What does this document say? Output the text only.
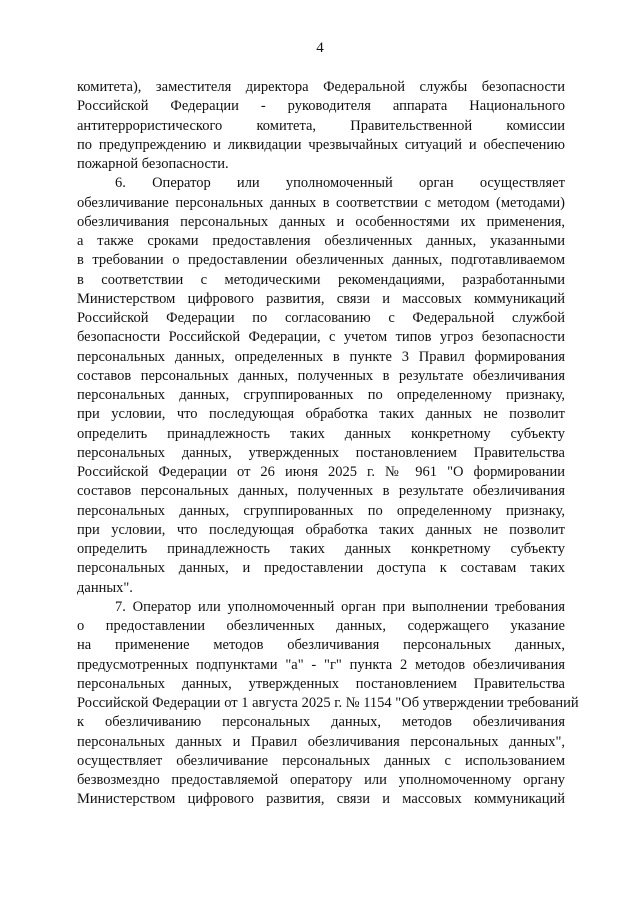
4
комитета), заместителя директора Федеральной службы безопасности
Российской Федерации - руководителя аппарата Национального
антитеррористического комитета, Правительственной комиссии
по предупреждению и ликвидации чрезвычайных ситуаций и обеспечению
пожарной безопасности.
6. Оператор или уполномоченный орган осуществляет
обезличивание персональных данных в соответствии с методом (методами)
обезличивания персональных данных и особенностями их применения,
а также сроками предоставления обезличенных данных, указанными
в требовании о предоставлении обезличенных данных, подготавливаемом
в соответствии с методическими рекомендациями, разработанными
Министерством цифрового развития, связи и массовых коммуникаций
Российской Федерации по согласованию с Федеральной службой
безопасности Российской Федерации, с учетом типов угроз безопасности
персональных данных, определенных в пункте 3 Правил формирования
составов персональных данных, полученных в результате обезличивания
персональных данных, сгруппированных по определенному признаку,
при условии, что последующая обработка таких данных не позволит
определить принадлежность таких данных конкретному субъекту
персональных данных, утвержденных постановлением Правительства
Российской Федерации от 26 июня 2025 г. № 961 "О формировании
составов персональных данных, полученных в результате обезличивания
персональных данных, сгруппированных по определенному признаку,
при условии, что последующая обработка таких данных не позволит
определить принадлежность таких данных конкретному субъекту
персональных данных, и предоставлении доступа к составам таких
данных".
7. Оператор или уполномоченный орган при выполнении требования
о предоставлении обезличенных данных, содержащего указание
на применение методов обезличивания персональных данных,
предусмотренных подпунктами "а" - "г" пункта 2 методов обезличивания
персональных данных, утвержденных постановлением Правительства
Российской Федерации от 1 августа 2025 г. № 1154 "Об утверждении требований
к обезличиванию персональных данных, методов обезличивания
персональных данных и Правил обезличивания персональных данных",
осуществляет обезличивание персональных данных с использованием
безвозмездно предоставляемой оператору или уполномоченному органу
Министерством цифрового развития, связи и массовых коммуникаций
